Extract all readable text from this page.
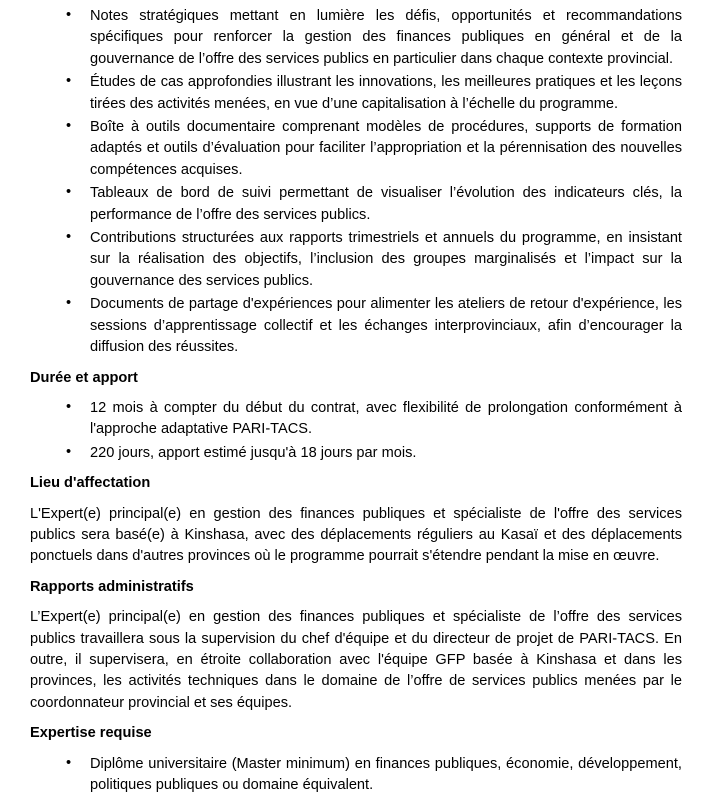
• Notes stratégiques mettant en lumière les défis, opportunités et recommandations spécifiques pour renforcer la gestion des finances publiques en général et de la gouvernance de l’offre des services publics en particulier dans chaque contexte provincial.
• Études de cas approfondies illustrant les innovations, les meilleures pratiques et les leçons tirées des activités menées, en vue d’une capitalisation à l’échelle du programme.
• Boîte à outils documentaire comprenant modèles de procédures, supports de formation adaptés et outils d’évaluation pour faciliter l’appropriation et la pérennisation des nouvelles compétences acquises.
• Tableaux de bord de suivi permettant de visualiser l’évolution des indicateurs clés, la performance de l’offre des services publics.
• Contributions structurées aux rapports trimestriels et annuels du programme, en insistant sur la réalisation des objectifs, l’inclusion des groupes marginalisés et l’impact sur la gouvernance des services publics.
• Documents de partage d'expériences pour alimenter les ateliers de retour d'expérience, les sessions d’apprentissage collectif et les échanges interprovinciaux, afin d’encourager la diffusion des réussites.
Durée et apport
• 12 mois à compter du début du contrat, avec flexibilité de prolongation conformément à l'approche adaptative PARI-TACS.
• 220 jours, apport estimé jusqu'à 18 jours par mois.
Lieu d'affectation

L'Expert(e) principal(e) en gestion des finances publiques et spécialiste de l'offre des services publics sera basé(e) à Kinshasa, avec des déplacements réguliers au Kasaï et des déplacements ponctuels dans d'autres provinces où le programme pourrait s'étendre pendant la mise en œuvre.

Rapports administratifs

L’Expert(e) principal(e) en gestion des finances publiques et spécialiste de l’offre des services publics travaillera sous la supervision du chef d'équipe et du directeur de projet de PARI-TACS. En outre, il supervisera, en étroite collaboration avec l'équipe GFP basée à Kinshasa et dans les provinces, les activités techniques dans le domaine de l’offre de services publics menées par le coordonnateur provincial et ses équipes.

Expertise requise
• Diplôme universitaire (Master minimum) en finances publiques, économie, développement, politiques publiques ou domaine équivalent.
